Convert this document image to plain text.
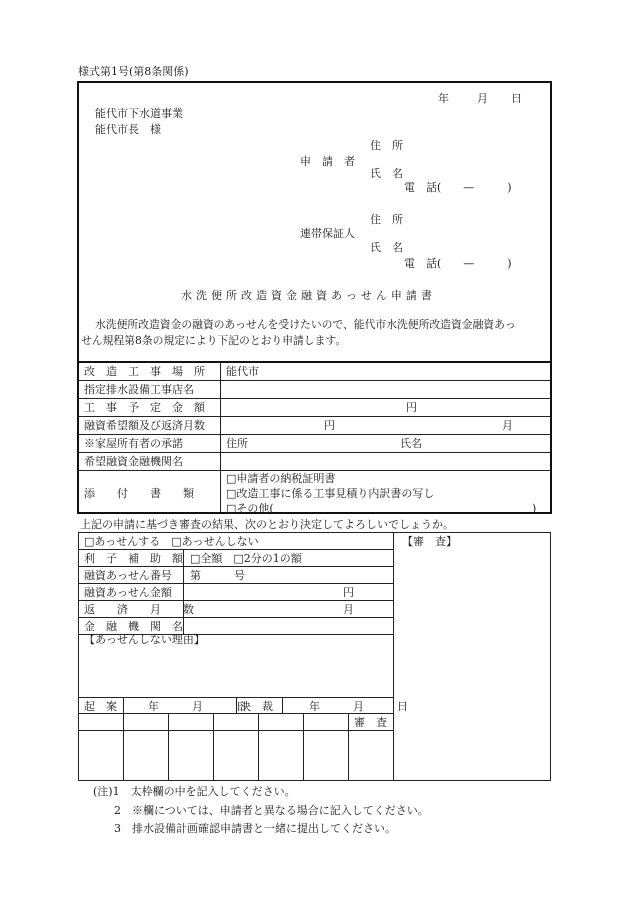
様式第1号(第8条関係)
年	月 日
能代市下水道事業
能代市長　様
住　所
申　請　者
氏　名
電　話(　　—　　　)
住　所
連帯保証人
氏　名
電　話(　　—　　　)
水洗便所改造資金融資あっせん申請書
水洗便所改造資金の融資のあっせんを受けたいので、能代市水洗便所改造資金融資あっ
せん規程第8条の規定により下記のとおり申請します。
改　造　工　事　場　所 能代市
指定排水設備工事店名
工　事　予　定　金　額	円
融資希望額及び返済月数	円	月
※家屋所有者の承諾	住所	氏名
希望融資金融機関名
添　　付　　書　　類
□申請者の納税証明書
□改造工事に係る工事見積り内訳書の写し
□その他(	)
上記の申請に基づき審査の結果、次のとおり決定してよろしいでしょうか。
□あっせんする　□あっせんしない	【審　査】
利　子　補　助　額 □全額　□2分の1の額
融資あっせん番号 第　　　号
融資あっせん金額	円
返　　済　　月　　数	月
金　融　機　関　名
【あっせんしない理由】
起　案	年　　　月　　　日
決　裁	年　　　月　　　日
審　査
(注)1　太枠欄の中を記入してください。
2　※欄については、申請者と異なる場合に記入してください。
3　排水設備計画確認申請書と一緒に提出してください。
